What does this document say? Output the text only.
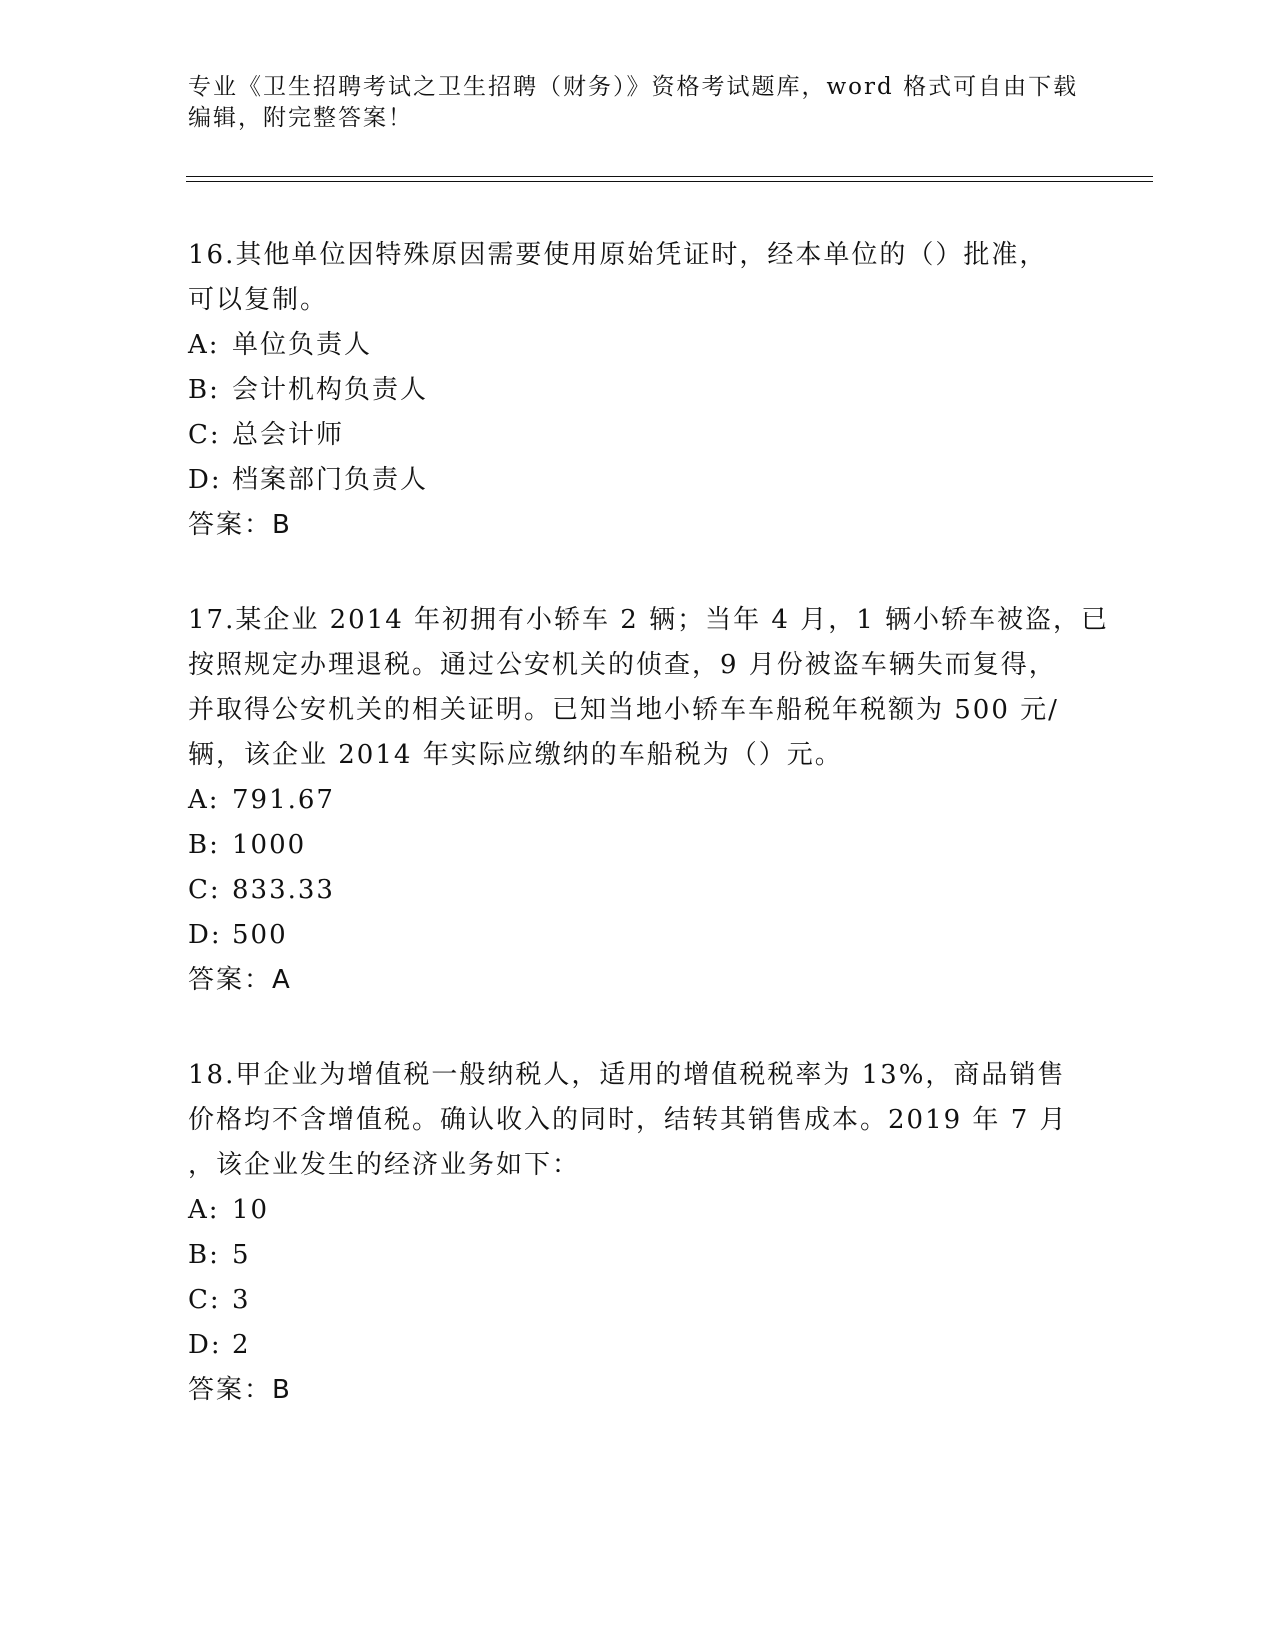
专业《卫生招聘考试之卫生招聘（财务）》资格考试题库，word 格式可自由下载
编辑，附完整答案！
16.其他单位因特殊原因需要使用原始凭证时，经本单位的（）批准，
可以复制。
A: 单位负责人
B: 会计机构负责人
C: 总会计师
D: 档案部门负责人
答案：B
17.某企业 2014 年初拥有小轿车 2 辆；当年 4 月，1 辆小轿车被盗，已
按照规定办理退税。通过公安机关的侦查，9 月份被盗车辆失而复得，
并取得公安机关的相关证明。已知当地小轿车车船税年税额为 500 元/
辆，该企业 2014 年实际应缴纳的车船税为（）元。
A: 791.67
B: 1000
C: 833.33
D: 500
答案：A
18.甲企业为增值税一般纳税人，适用的增值税税率为 13%，商品销售
价格均不含增值税。确认收入的同时，结转其销售成本。2019 年 7 月
，该企业发生的经济业务如下：
A: 10
B: 5
C: 3
D: 2
答案：B
